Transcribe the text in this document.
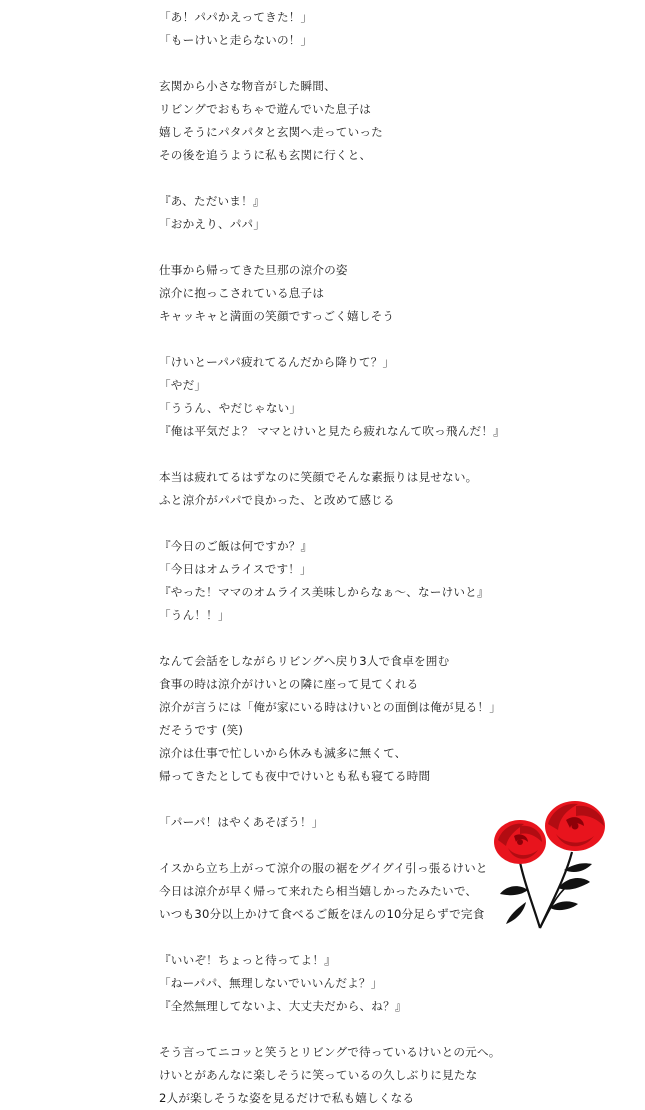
「あ！パパかえってきた！」
「もーけいと走らないの！」
玄関から小さな物音がした瞬間、
リビングでおもちゃで遊んでいた息子は
嬉しそうにパタパタと玄関へ走っていった
その後を追うように私も玄関に行くと、
『あ、ただいま！』
「おかえり、パパ」
仕事から帰ってきた旦那の涼介の姿
涼介に抱っこされている息子は
キャッキャと満面の笑顔ですっごく嬉しそう
「けいとーパパ疲れてるんだから降りて？」
「やだ」
「ううん、やだじゃない」
『俺は平気だよ？ ママとけいと見たら疲れなんて吹っ飛んだ！』
本当は疲れてるはずなのに笑顔でそんな素振りは見せない。
ふと涼介がパパで良かった、と改めて感じる
『今日のご飯は何ですか？』
「今日はオムライスです！」
『やった！ママのオムライス美味しからなぁ〜、なーけいと』
「うん！！」
なんて会話をしながらリビングへ戻り3人で食卓を囲む
食事の時は涼介がけいとの隣に座って見てくれる
涼介が言うには「俺が家にいる時はけいとの面倒は俺が見る！」
だそうです (笑)
涼介は仕事で忙しいから休みも滅多に無くて、
帰ってきたとしても夜中でけいとも私も寝てる時間
「パーパ！はやくあそぼう！」
イスから立ち上がって涼介の服の裾をグイグイ引っ張るけいと
今日は涼介が早く帰って来れたら相当嬉しかったみたいで、
いつも30分以上かけて食べるご飯をほんの10分足らずで完食
『いいぞ！ちょっと待ってよ！』
「ねーパパ、無理しないでいいんだよ？」
『全然無理してないよ、大丈夫だから、ね？』
そう言ってニコッと笑うとリビングで待っているけいとの元へ。
けいとがあんなに楽しそうに笑っているの久しぶりに見たな
2人が楽しそうな姿を見るだけで私も嬉しくなる
